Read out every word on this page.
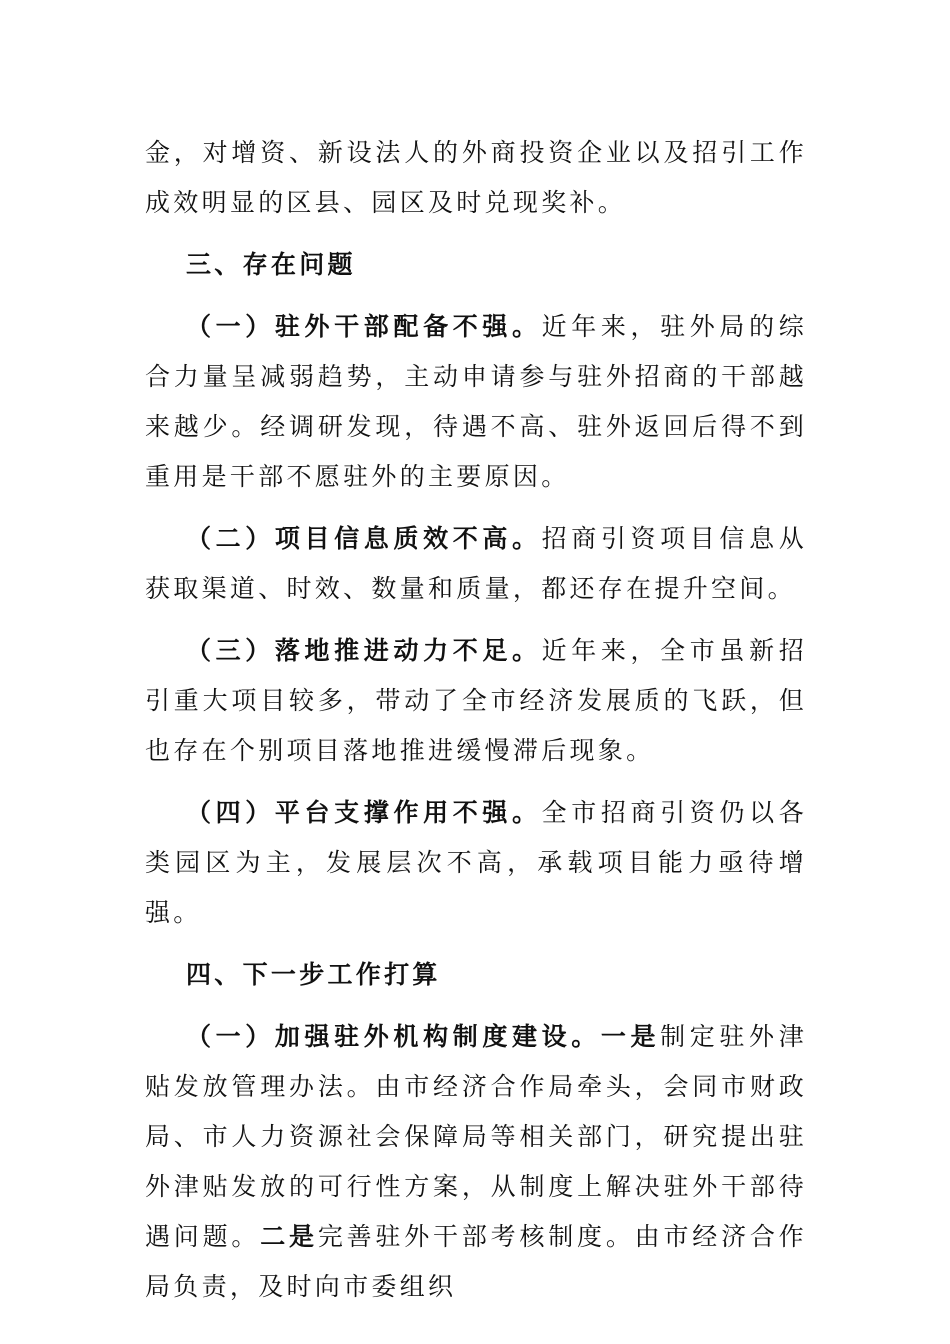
金，对增资、新设法人的外商投资企业以及招引工作成效明显的区县、园区及时兑现奖补。

三、存在问题

（一）驻外干部配备不强。近年来，驻外局的综合力量呈减弱趋势，主动申请参与驻外招商的干部越来越少。经调研发现，待遇不高、驻外返回后得不到重用是干部不愿驻外的主要原因。

（二）项目信息质效不高。招商引资项目信息从获取渠道、时效、数量和质量，都还存在提升空间。

（三）落地推进动力不足。近年来，全市虽新招引重大项目较多，带动了全市经济发展质的飞跃，但也存在个别项目落地推进缓慢滞后现象。

（四）平台支撑作用不强。全市招商引资仍以各类园区为主，发展层次不高，承载项目能力亟待增强。

四、下一步工作打算

（一）加强驻外机构制度建设。一是制定驻外津贴发放管理办法。由市经济合作局牵头，会同市财政局、市人力资源社会保障局等相关部门，研究提出驻外津贴发放的可行性方案，从制度上解决驻外干部待遇问题。二是完善驻外干部考核制度。由市经济合作局负责，及时向市委组织
